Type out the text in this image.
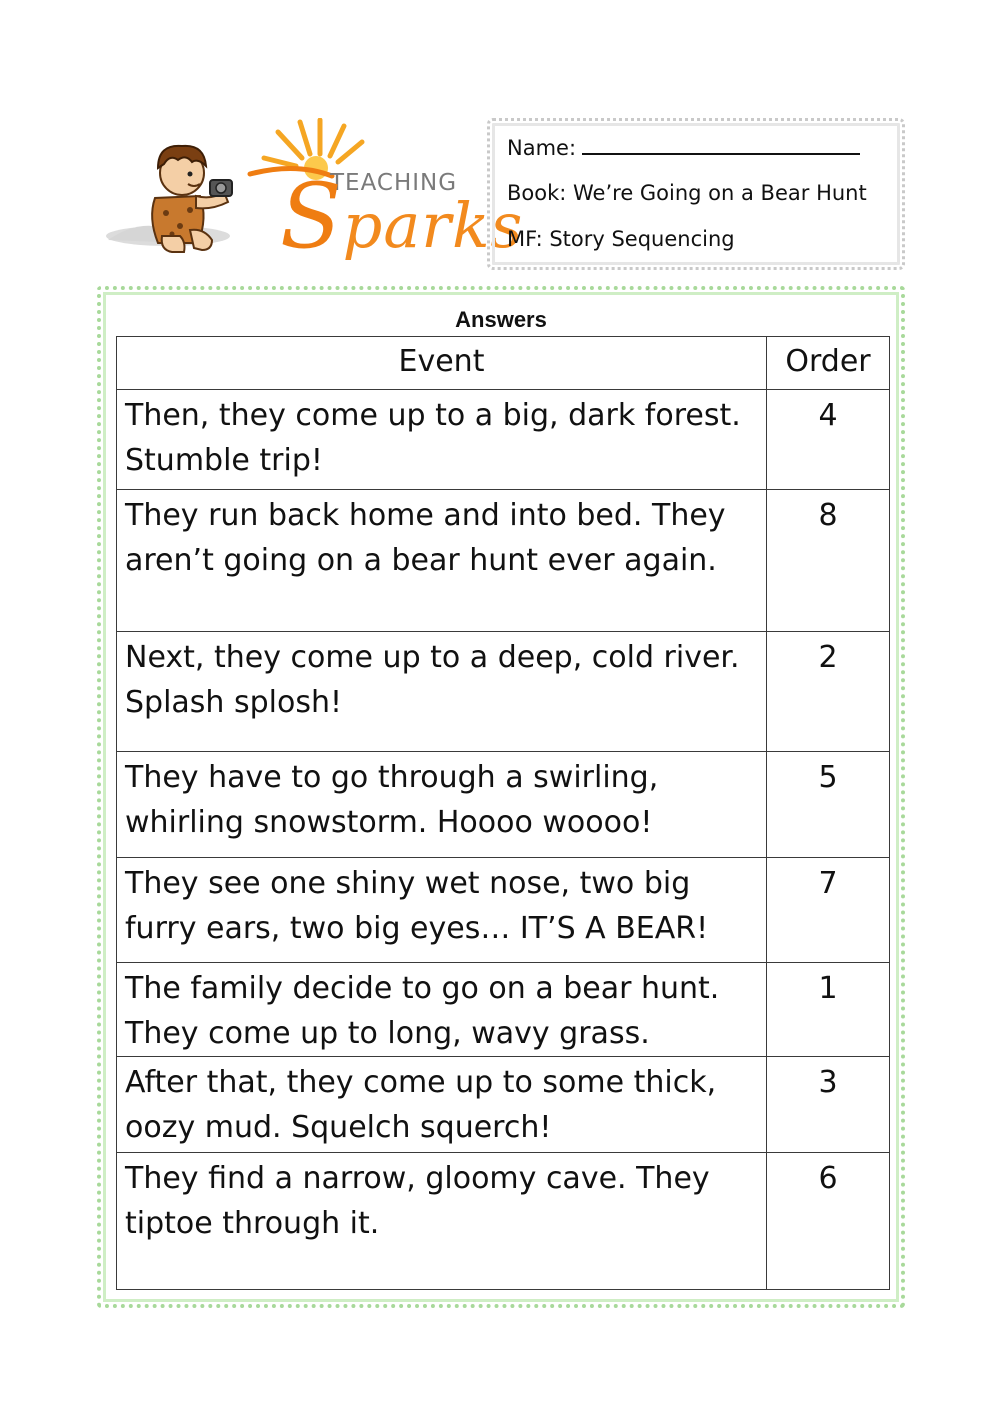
TEACHING
Sparks
Name:
Book: We’re Going on a Bear Hunt
MF: Story Sequencing
Answers
Event	Order

Then, they come up to a big, dark forest.
Stumble trip!	4

They run back home and into bed. They
aren’t going on a bear hunt ever again.	8

Next, they come up to a deep, cold river.
Splash splosh!	2

They have to go through a swirling,
whirling snowstorm. Hoooo woooo!	5

They see one shiny wet nose, two big
furry ears, two big eyes… IT’S A BEAR!	7

The family decide to go on a bear hunt.
They come up to long, wavy grass.	1

After that, they come up to some thick,
oozy mud. Squelch squerch!	3

They find a narrow, gloomy cave. They
tiptoe through it.	6
